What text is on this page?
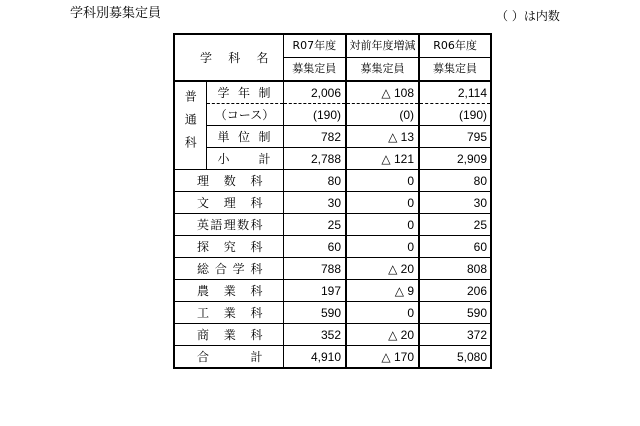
学科別募集定員	（ ）は内数
学　科　名		R07年度	対前年度増減	R06年度
		募集定員	募集定員	募集定員
普通科	学 年 制	2,006	△ 108	2,114
	（コース）	(190)	(0)	(190)
	単 位 制	782	△ 13	795
	小　計	2,788	△ 121	2,909
理 数 科		80	0	80
文 理 科		30	0	30
英語理数科		25	0	25
探 究 科		60	0	60
総合学科		788	△ 20	808
農 業 科		197	△ 9	206
工 業 科		590	0	590
商 業 科		352	△ 20	372
合　計		4,910	△ 170	5,080
